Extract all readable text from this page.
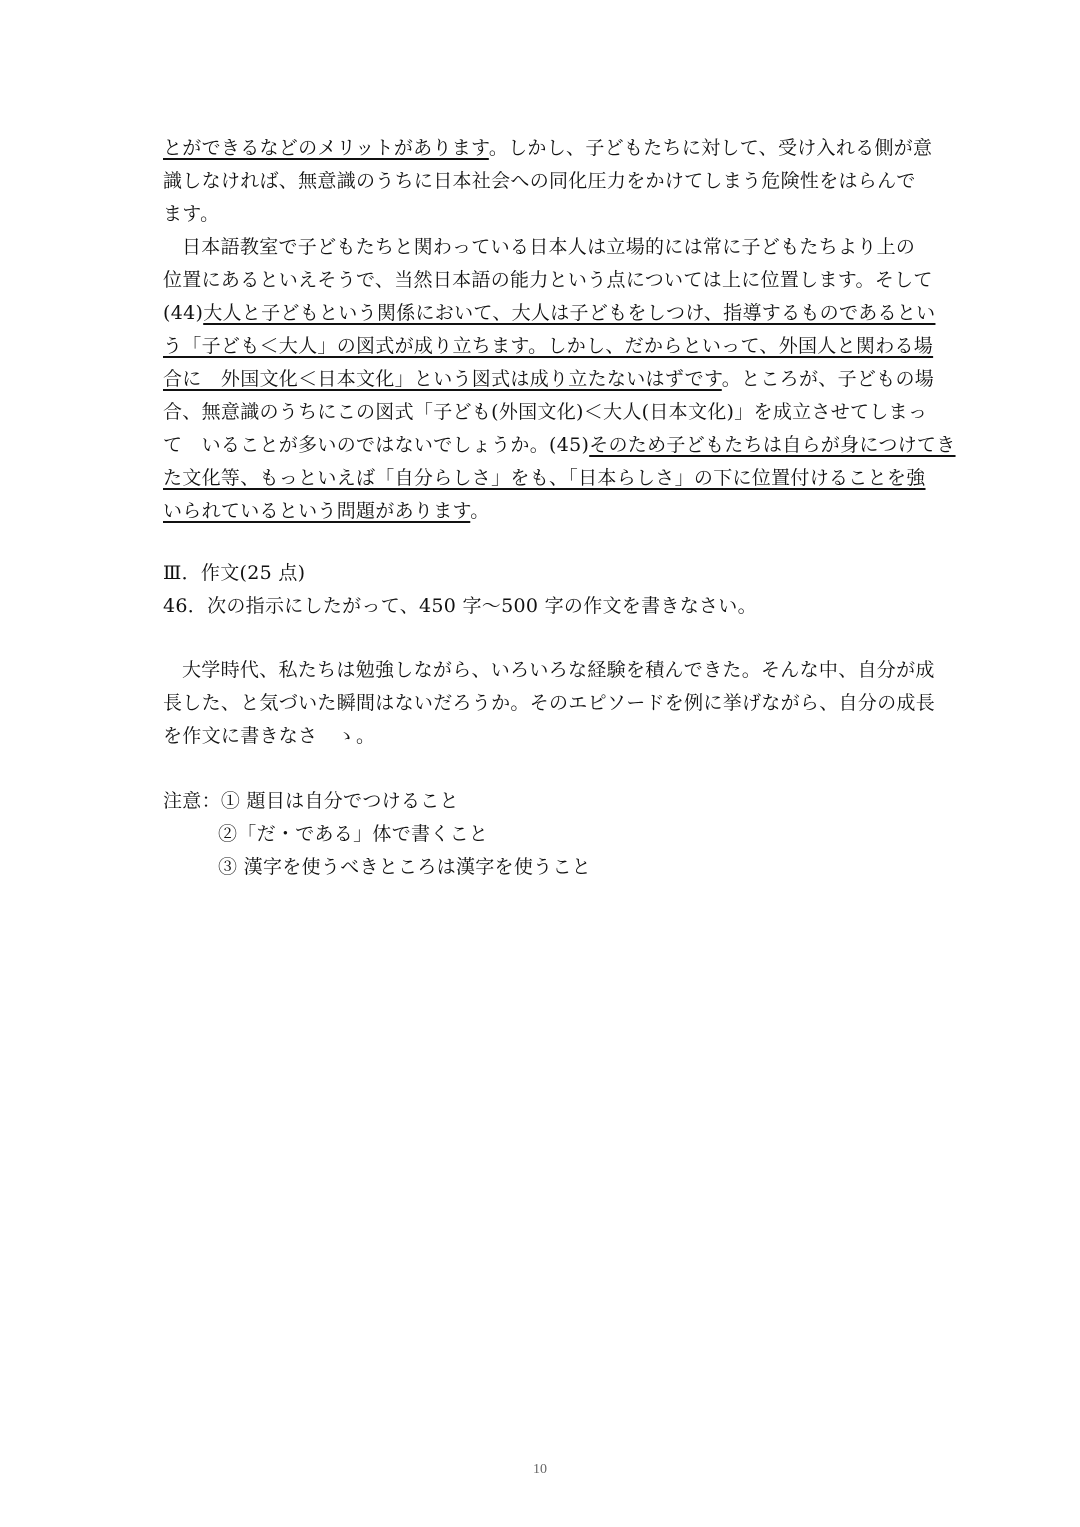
とができるなどのメリットがあります。しかし、子どもたちに対して、受け入れる側が意
識しなければ、無意識のうちに日本社会への同化圧力をかけてしまう危険性をはらんで
ます。
日本語教室で子どもたちと関わっている日本人は立場的には常に子どもたちより上の
位置にあるといえそうで、当然日本語の能力という点については上に位置します。そして
(44)大人と子どもという関係において、大人は子どもをしつけ、指導するものであるとい
う「子ども＜大人」の図式が成り立ちます。しかし、だからといって、外国人と関わる場
合に　外国文化＜日本文化」という図式は成り立たないはずです。ところが、子どもの場
合、無意識のうちにこの図式「子ども(外国文化)＜大人(日本文化)」を成立させてしまっ
て　いることが多いのではないでしょうか。(45)そのため子どもたちは自らが身につけてき
た文化等、もっといえば「自分らしさ」をも、「日本らしさ」の下に位置付けることを強
いられているという問題があります。
Ⅲ．作文(25 点)
46．次の指示にしたがって、450 字～500 字の作文を書きなさい。
大学時代、私たちは勉強しながら、いろいろな経験を積んできた。そんな中、自分が成
長した、と気づいた瞬間はないだろうか。そのエピソードを例に挙げながら、自分の成長
を作文に書きなさ　ゝ。
注意：① 題目は自分でつけること
②「だ・である」体で書くこと
③ 漢字を使うべきところは漢字を使うこと
10
